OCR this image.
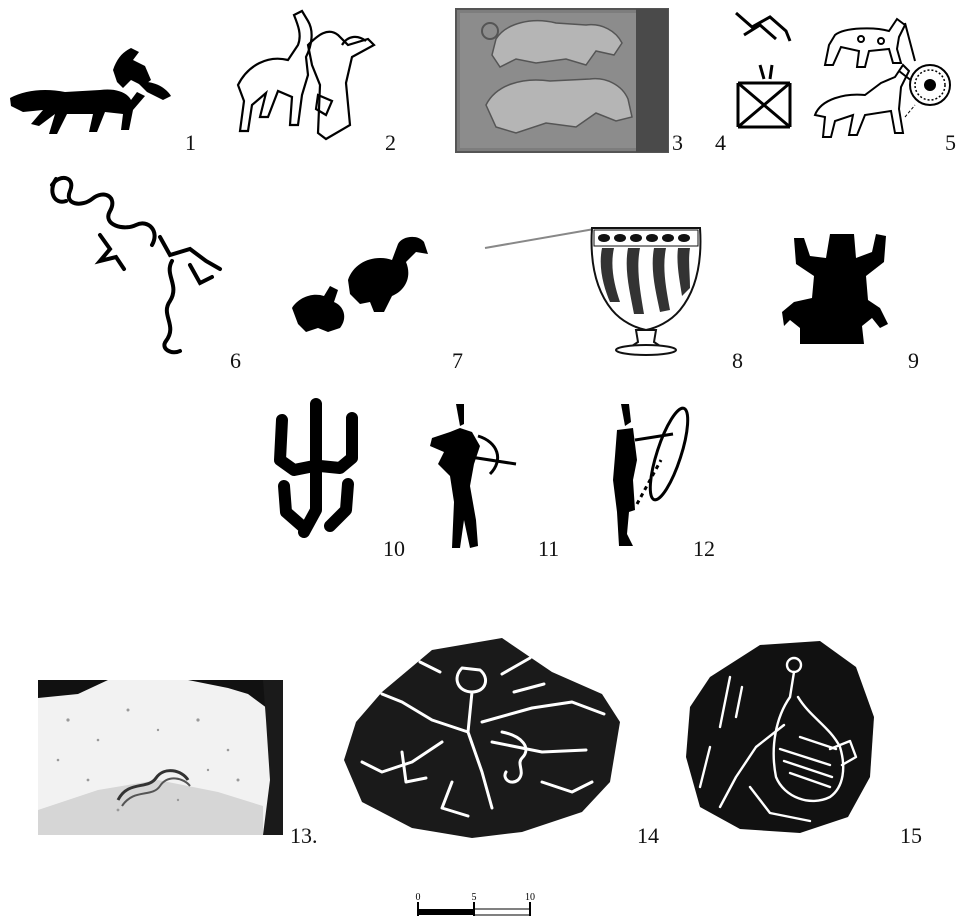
1	2	3 4	5
6	7	8	9
10	11	12
13.	14	15
0	5	10
